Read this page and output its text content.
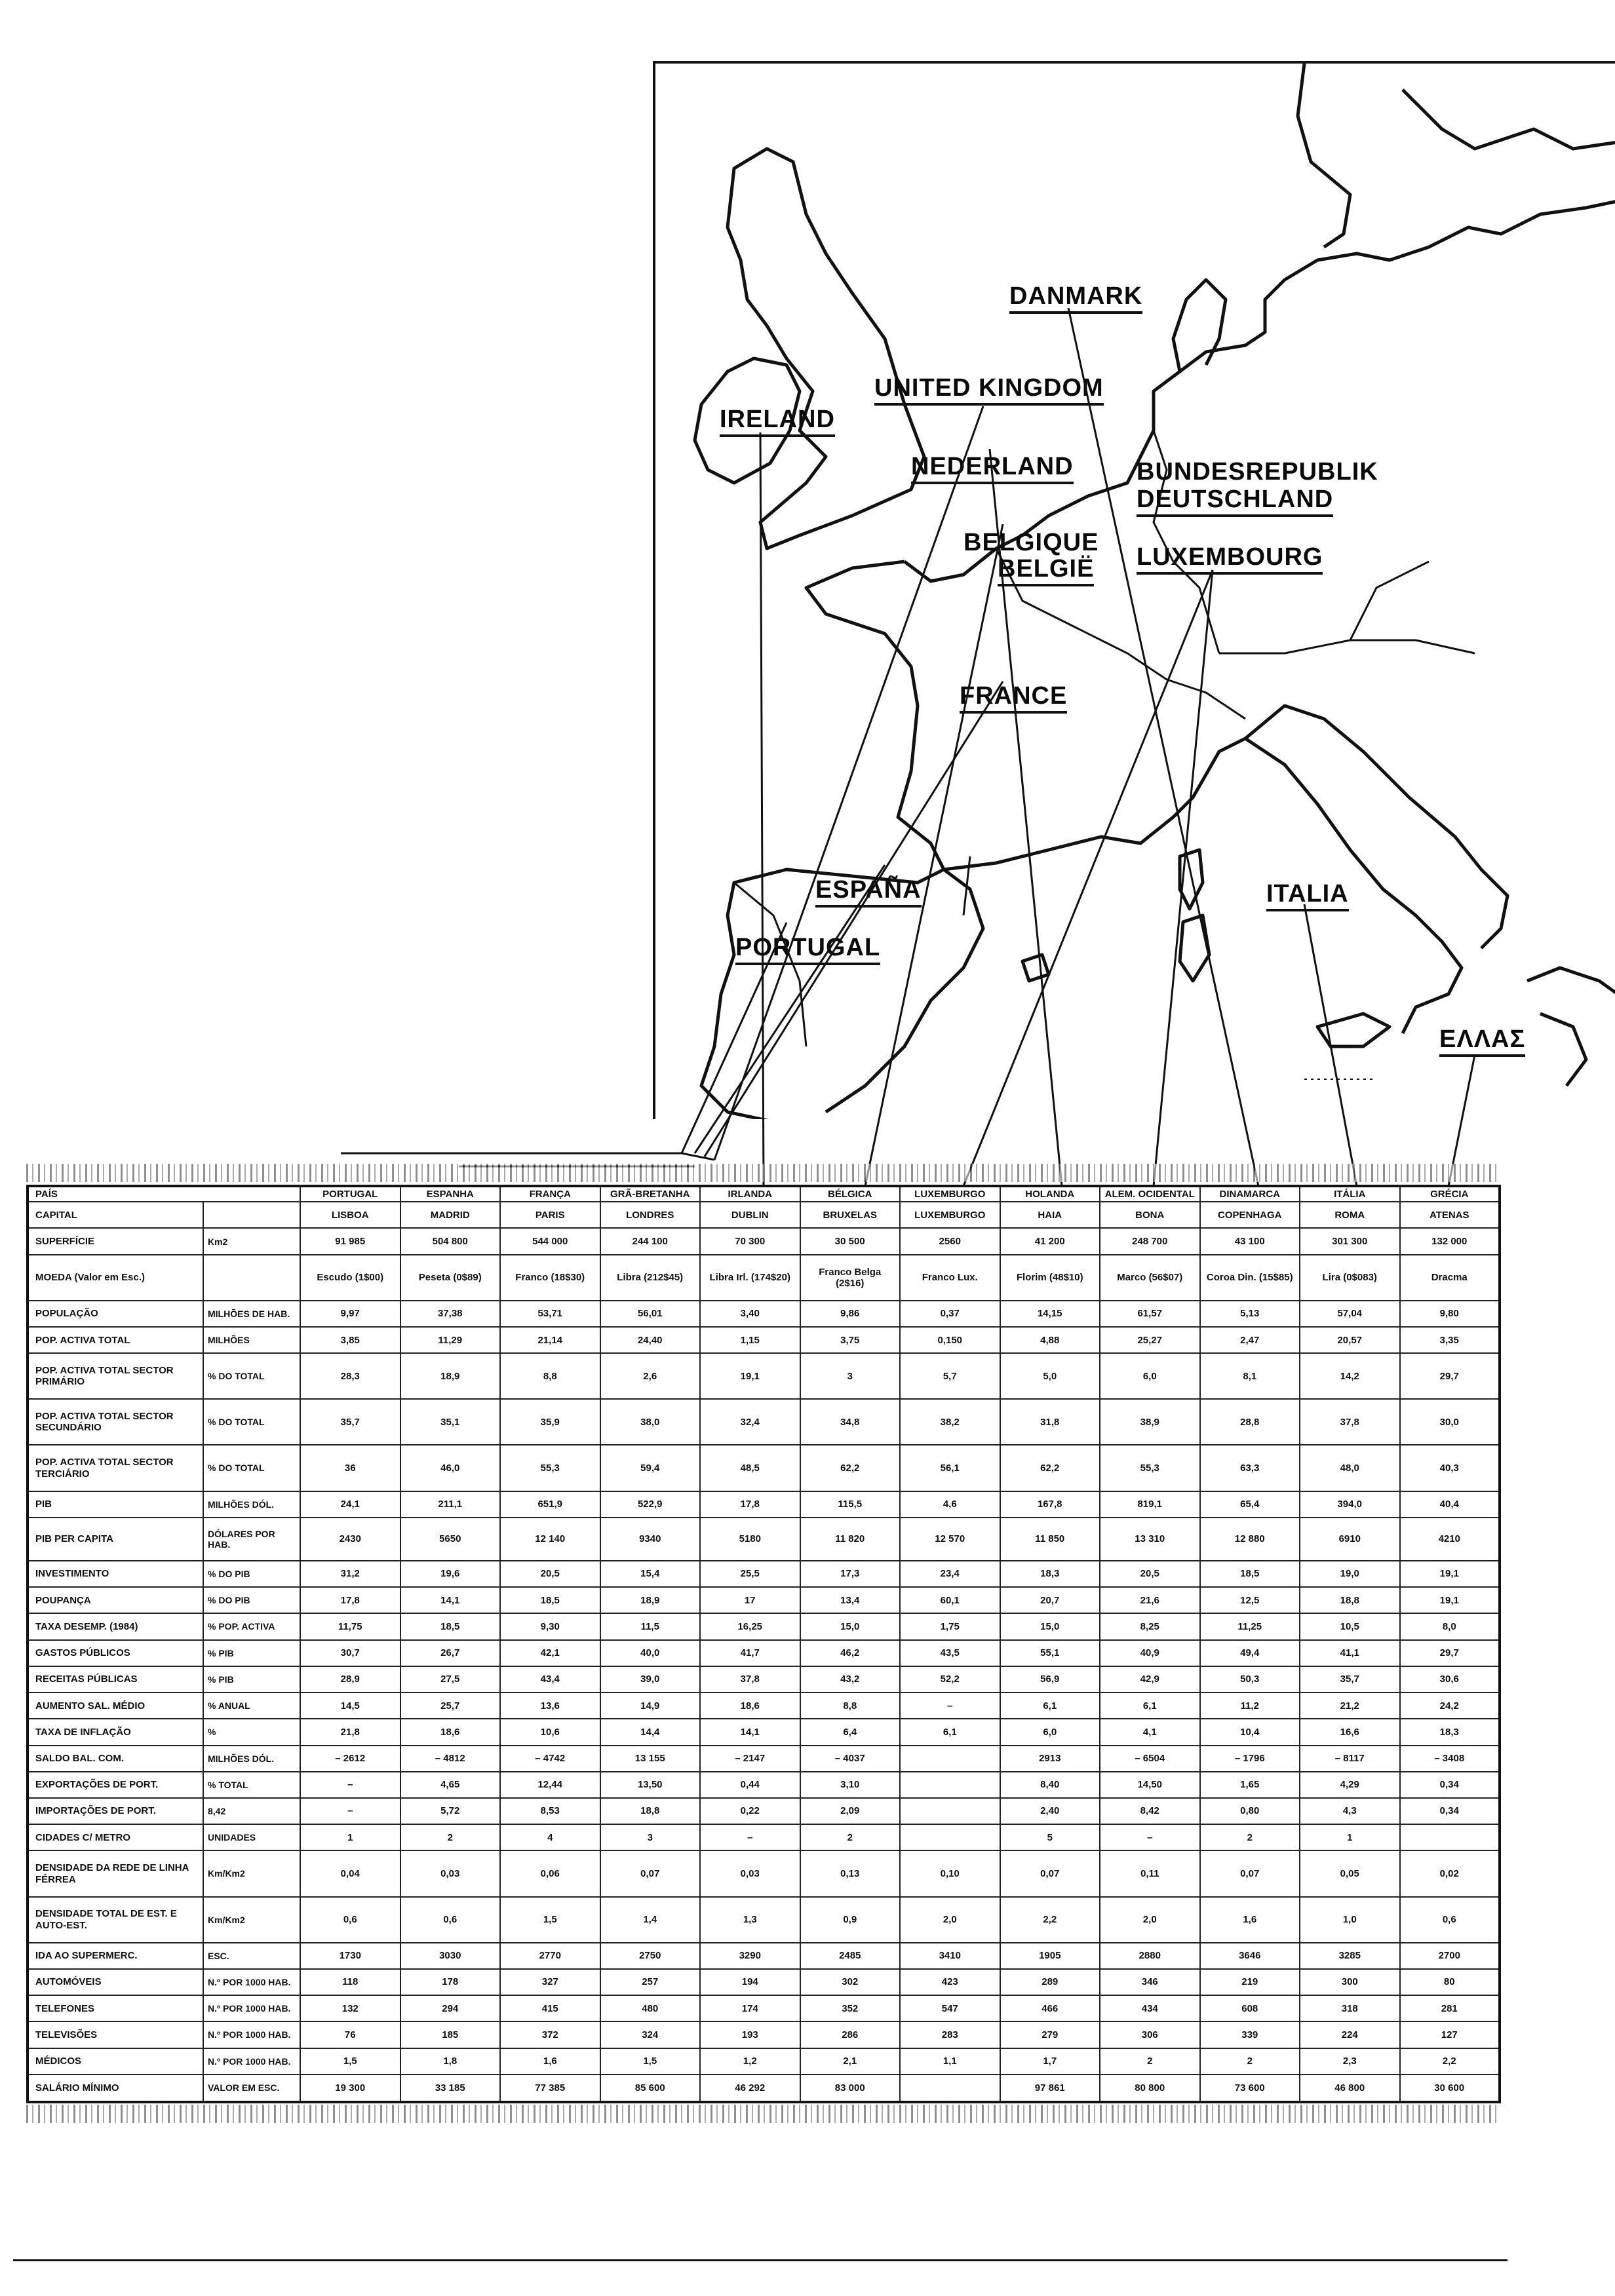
IRELAND
UNITED KINGDOM
DANMARK
NEDERLAND	BUNDESREPUBLIK
DEUTSCHLAND
BELGIQUE
BELGIË LUXEMBOURG
FRANCE
ESPAÑA
PORTUGAL
ITALIA
ΕΛΛΑΣ
PAÍS		PORTUGAL	ESPANHA	FRANÇA	GRÃ-BRETANHA	IRLANDA	BÉLGICA	LUXEMBURGO	HOLANDA	ALEM. OCIDENTAL	DINAMARCA	ITÁLIA	GRÉCIA
CAPITAL		LISBOA	MADRID	PARIS	LONDRES	DUBLIN	BRUXELAS	LUXEMBURGO	HAIA	BONA	COPENHAGA	ROMA	ATENAS
SUPERFÍCIE	Km2	91 985	504 800	544 000	244 100	70 300	30 500	2560	41 200	248 700	43 100	301 300	132 000
MOEDA (Valor em Esc.)		Escudo (1$00)	Peseta (0$89)	Franco (18$30)	Libra (212$45)	Libra Irl. (174$20)	Franco Belga (2$16)	Franco Lux.	Florim (48$10)	Marco (56$07)	Coroa Din. (15$85)	Lira (0$083)	Dracma
POPULAÇÃO	MILHÕES DE HAB.	9,97	37,38	53,71	56,01	3,40	9,86	0,37	14,15	61,57	5,13	57,04	9,80
POP. ACTIVA TOTAL	MILHÕES	3,85	11,29	21,14	24,40	1,15	3,75	0,150	4,88	25,27	2,47	20,57	3,35
POP. ACTIVA TOTAL SECTOR PRIMÁRIO	% DO TOTAL	28,3	18,9	8,8	2,6	19,1	3	5,7	5,0	6,0	8,1	14,2	29,7
POP. ACTIVA TOTAL SECTOR SECUNDÁRIO	% DO TOTAL	35,7	35,1	35,9	38,0	32,4	34,8	38,2	31,8	38,9	28,8	37,8	30,0
POP. ACTIVA TOTAL SECTOR TERCIÁRIO	% DO TOTAL	36	46,0	55,3	59,4	48,5	62,2	56,1	62,2	55,3	63,3	48,0	40,3
PIB	MILHÕES DÓL.	24,1	211,1	651,9	522,9	17,8	115,5	4,6	167,8	819,1	65,4	394,0	40,4
PIB PER CAPITA	DÓLARES POR HAB.	2430	5650	12 140	9340	5180	11 820	12 570	11 850	13 310	12 880	6910	4210
INVESTIMENTO	% DO PIB	31,2	19,6	20,5	15,4	25,5	17,3	23,4	18,3	20,5	18,5	19,0	19,1
POUPANÇA	% DO PIB	17,8	14,1	18,5	18,9	17	13,4	60,1	20,7	21,6	12,5	18,8	19,1
TAXA DESEMP. (1984)	% POP. ACTIVA	11,75	18,5	9,30	11,5	16,25	15,0	1,75	15,0	8,25	11,25	10,5	8,0
GASTOS PÚBLICOS	% PIB	30,7	26,7	42,1	40,0	41,7	46,2	43,5	55,1	40,9	49,4	41,1	29,7
RECEITAS PÚBLICAS	% PIB	28,9	27,5	43,4	39,0	37,8	43,2	52,2	56,9	42,9	50,3	35,7	30,6
AUMENTO SAL. MÉDIO	% ANUAL	14,5	25,7	13,6	14,9	18,6	8,8	–	6,1	6,1	11,2	21,2	24,2
TAXA DE INFLAÇÃO	%	21,8	18,6	10,6	14,4	14,1	6,4	6,1	6,0	4,1	10,4	16,6	18,3
SALDO BAL. COM.	MILHÕES DÓL.	– 2612	– 4812	– 4742	13 155	– 2147	– 4037		2913	– 6504	– 1796	– 8117	– 3408
EXPORTAÇÕES DE PORT.	% TOTAL	–	4,65	12,44	13,50	0,44	3,10		8,40	14,50	1,65	4,29	0,34
IMPORTAÇÕES DE PORT.	8,42	–	5,72	8,53	18,8	0,22	2,09		2,40	8,42	0,80	4,3	0,34
CIDADES C/ METRO	UNIDADES	1	2	4	3	–	2		5	–	2	1	
DENSIDADE DA REDE DE LINHA FÉRREA	Km/Km2	0,04	0,03	0,06	0,07	0,03	0,13	0,10	0,07	0,11	0,07	0,05	0,02
DENSIDADE TOTAL DE EST. E AUTO-EST.	Km/Km2	0,6	0,6	1,5	1,4	1,3	0,9	2,0	2,2	2,0	1,6	1,0	0,6
IDA AO SUPERMERC.	ESC.	1730	3030	2770	2750	3290	2485	3410	1905	2880	3646	3285	2700
AUTOMÓVEIS	N.º POR 1000 HAB.	118	178	327	257	194	302	423	289	346	219	300	80
TELEFONES	N.º POR 1000 HAB.	132	294	415	480	174	352	547	466	434	608	318	281
TELEVISÕES	N.º POR 1000 HAB.	76	185	372	324	193	286	283	279	306	339	224	127
MÉDICOS	N.º POR 1000 HAB.	1,5	1,8	1,6	1,5	1,2	2,1	1,1	1,7	2	2	2,3	2,2
SALÁRIO MÍNIMO	VALOR EM ESC.	19 300	33 185	77 385	85 600	46 292	83 000		97 861	80 800	73 600	46 800	30 600
